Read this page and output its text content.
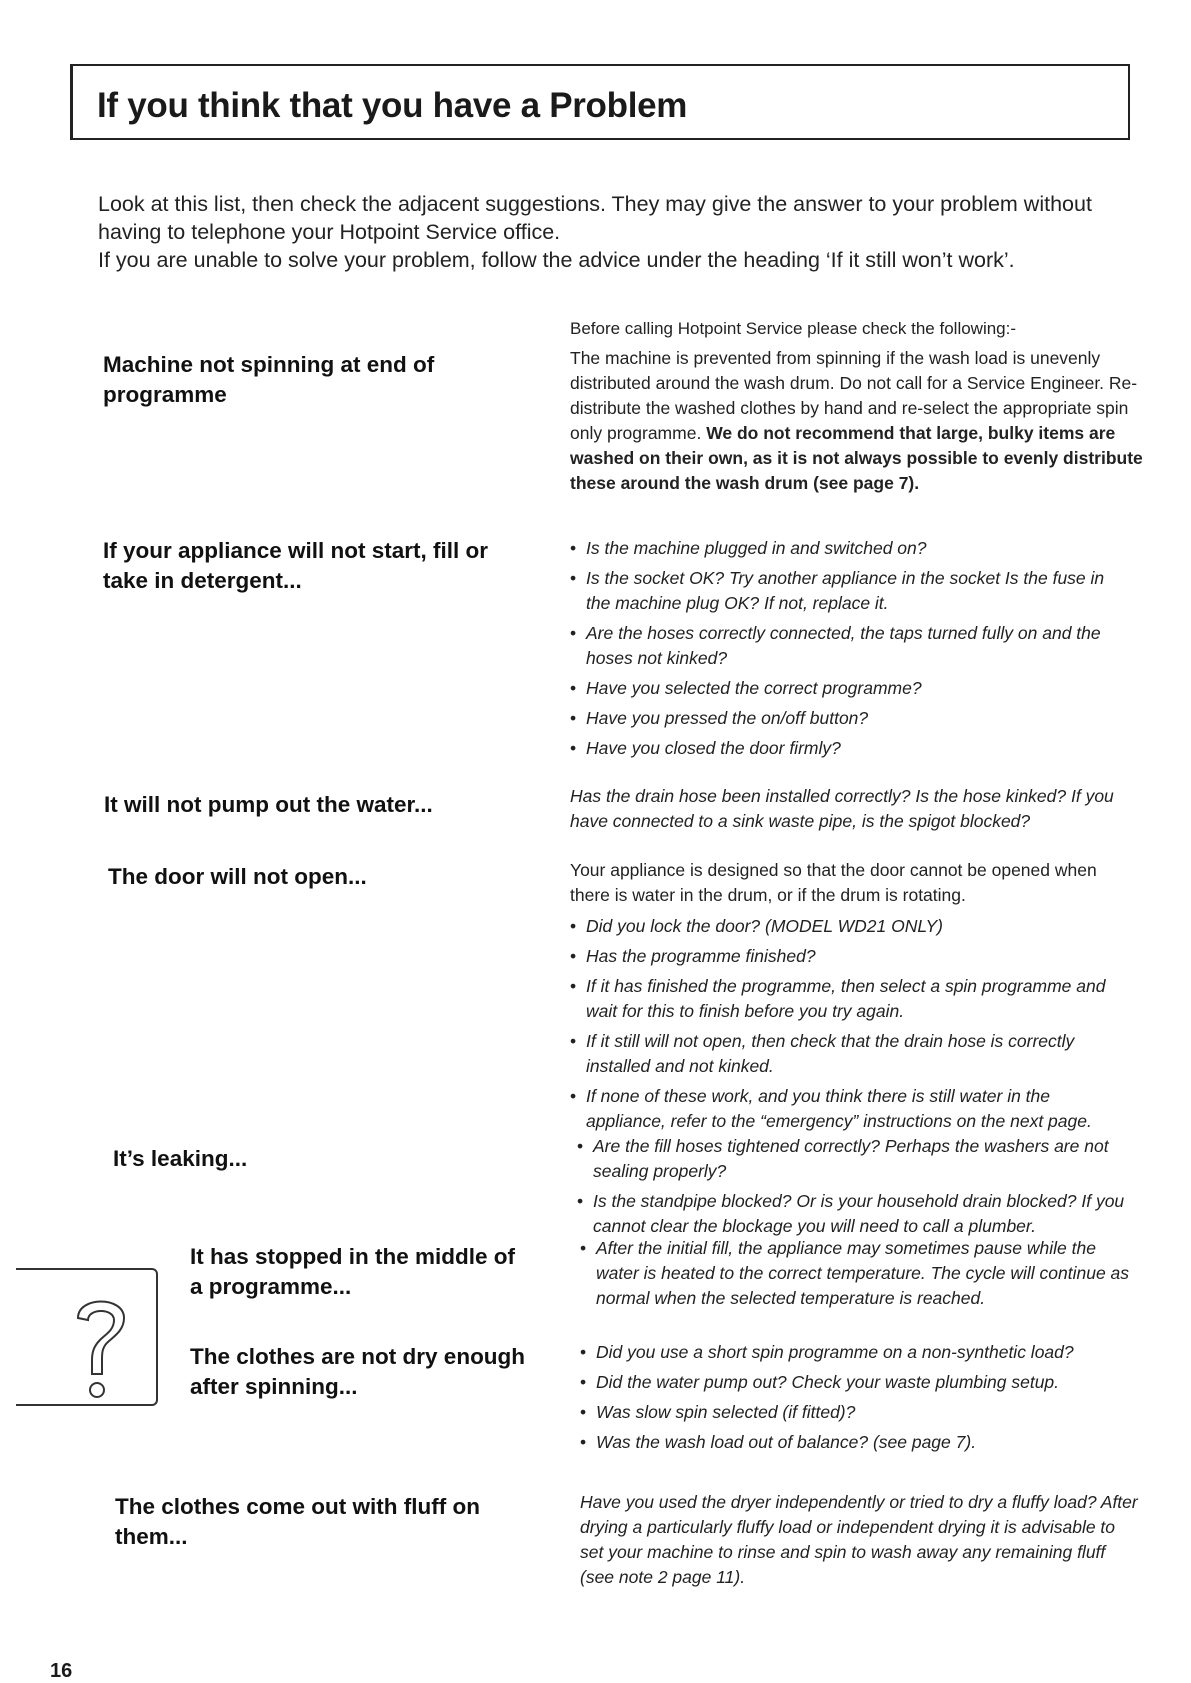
If you think that you have a Problem

Look at this list, then check the adjacent suggestions. They may give the answer to your problem without having to telephone your Hotpoint Service office.

If you are unable to solve your problem, follow the advice under the heading ‘If it still won’t work’.

Before calling Hotpoint Service please check the following:-
Machine not spinning at end of programme
The machine is prevented from spinning if the wash load is unevenly distributed around the wash drum. Do not call for a Service Engineer. Re-distribute the washed clothes by hand and re-select the appropriate spin only programme. We do not recommend that large, bulky items are washed on their own, as it is not always possible to evenly distribute these around the wash drum (see page 7).
If your appliance will not start, fill or take in detergent...
• Is the machine plugged in and switched on?
• Is the socket OK? Try another appliance in the socket Is the fuse in the machine plug OK? If not, replace it.
• Are the hoses correctly connected, the taps turned fully on and the hoses not kinked?
• Have you selected the correct programme?
• Have you pressed the on/off button?
• Have you closed the door firmly?
It will not pump out the water...	Has the drain hose been installed correctly? Is the hose kinked? If you have connected to a sink waste pipe, is the spigot blocked?
The door will not open...	Your appliance is designed so that the door cannot be opened when there is water in the drum, or if the drum is rotating.

• Did you lock the door? (MODEL WD21 ONLY)
• Has the programme finished?
• If it has finished the programme, then select a spin programme and wait for this to finish before you try again.
• If it still will not open, then check that the drain hose is correctly installed and not kinked.
• If none of these work, and you think there is still water in the appliance, refer to the “emergency” instructions on the next page.
It’s leaking...
•	Are the fill hoses tightened correctly? Perhaps the washers are not sealing properly?
• Is the standpipe blocked? Or is your household drain blocked? If you cannot clear the blockage you will need to call a plumber.
It has stopped in the middle of a programme...
• After the initial fill, the appliance may sometimes pause while the water is heated to the correct temperature. The cycle will continue as normal when the selected temperature is reached.
The clothes are not dry enough after spinning...
• Did you use a short spin programme on a non-synthetic load?
• Did the water pump out? Check your waste plumbing setup.
• Was slow spin selected (if fitted)?
• Was the wash load out of balance? (see page 7).
The clothes come out with fluff on them...
Have you used the dryer independently or tried to dry a fluffy load? After drying a particularly fluffy load or independent drying it is advisable to set your machine to rinse and spin to wash away any remaining fluff (see note 2 page 11).
16
